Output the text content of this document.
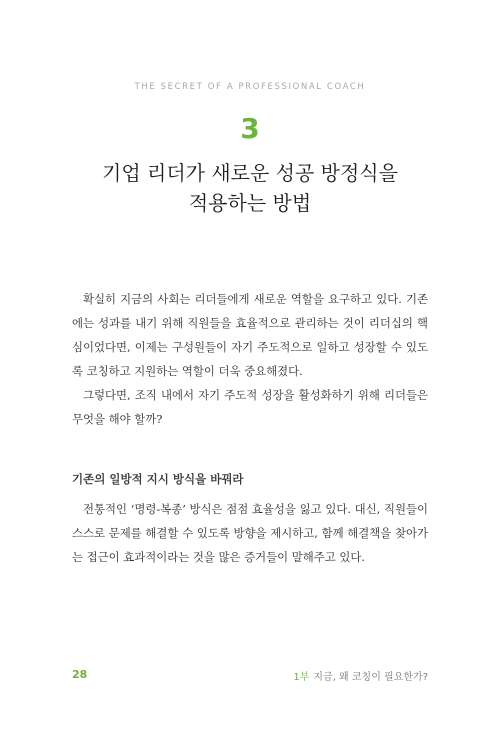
THE SECRET OF A PROFESSIONAL COACH
3
기업 리더가 새로운 성공 방정식을
적용하는 방법

확실히 지금의 사회는 리더들에게 새로운 역할을 요구하고 있다. 기존에는 성과를 내기 위해 직원들을 효율적으로 관리하는 것이 리더십의 핵심이었다면, 이제는 구성원들이 자기 주도적으로 일하고 성장할 수 있도록 코칭하고 지원하는 역할이 더욱 중요해졌다.

그렇다면, 조직 내에서 자기 주도적 성장을 활성화하기 위해 리더들은 무엇을 해야 할까?

기존의 일방적 지시 방식을 바꿔라

전통적인 ‘명령-복종’ 방식은 점점 효율성을 잃고 있다. 대신, 직원들이 스스로 문제를 해결할 수 있도록 방향을 제시하고, 함께 해결책을 찾아가는 접근이 효과적이라는 것을 많은 증거들이 말해주고 있다.

28	1부 지금, 왜 코칭이 필요한가?
